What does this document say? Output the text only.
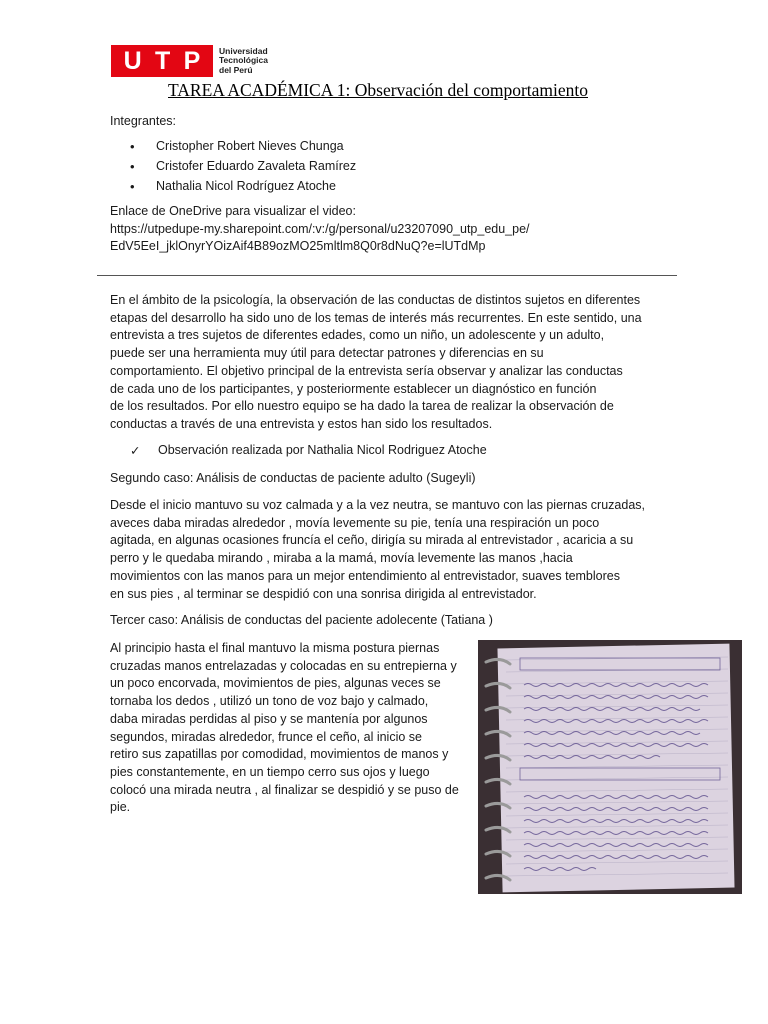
U T P Universidad
Tecnológica
del Perú
TAREA ACADÉMICA 1: Observación del comportamiento
Integrantes:
•	Cristopher Robert Nieves Chunga
•	Cristofer Eduardo Zavaleta Ramírez
•	Nathalia Nicol Rodríguez Atoche
Enlace de OneDrive para visualizar el video:
https://utpedupe-my.sharepoint.com/:v:/g/personal/u23207090_utp_edu_pe/
EdV5EeI_jklOnyrYOizAif4B89ozMO25mltlm8Q0r8dNuQ?e=lUTdMp
En el ámbito de la psicología, la observación de las conductas de distintos sujetos en diferentes
etapas del desarrollo ha sido uno de los temas de interés más recurrentes. En este sentido, una
entrevista a tres sujetos de diferentes edades, como un niño, un adolescente y un adulto,
puede ser una herramienta muy útil para detectar patrones y diferencias en su
comportamiento. El objetivo principal de la entrevista sería observar y analizar las conductas
de cada uno de los participantes, y posteriormente establecer un diagnóstico en función
de los resultados. Por ello nuestro equipo se ha dado la tarea de realizar la observación de
conductas a través de una entrevista y estos han sido los resultados.
✓	Observación realizada por Nathalia Nicol Rodriguez Atoche
Segundo caso: Análisis de conductas de paciente adulto (Sugeyli)
Desde el inicio mantuvo su voz calmada y a la vez neutra, se mantuvo con las piernas cruzadas,
aveces daba miradas alrededor , movía levemente su pie, tenía una respiración un poco
agitada, en algunas ocasiones fruncía el ceño, dirigía su mirada al entrevistador , acaricia a su
perro y le quedaba mirando , miraba a la mamá, movía levemente las manos ,hacia
movimientos con las manos para un mejor entendimiento al entrevistador, suaves temblores
en sus pies , al terminar se despidió con una sonrisa dirigida al entrevistador.
Tercer caso: Análisis de conductas del paciente adolecente (Tatiana )
Al principio hasta el final mantuvo la misma postura piernas
cruzadas manos entrelazadas y colocadas en su entrepierna y
un poco encorvada, movimientos de pies, algunas veces se
tornaba los dedos , utilizó un tono de voz bajo y calmado,
daba miradas perdidas al piso y se mantenía por algunos
segundos, miradas alrededor, frunce el ceño, al inicio se
retiro sus zapatillas por comodidad, movimientos de manos y
pies constantemente, en un tiempo cerro sus ojos y luego
colocó una mirada neutra , al finalizar se despidió y se puso de
pie.
